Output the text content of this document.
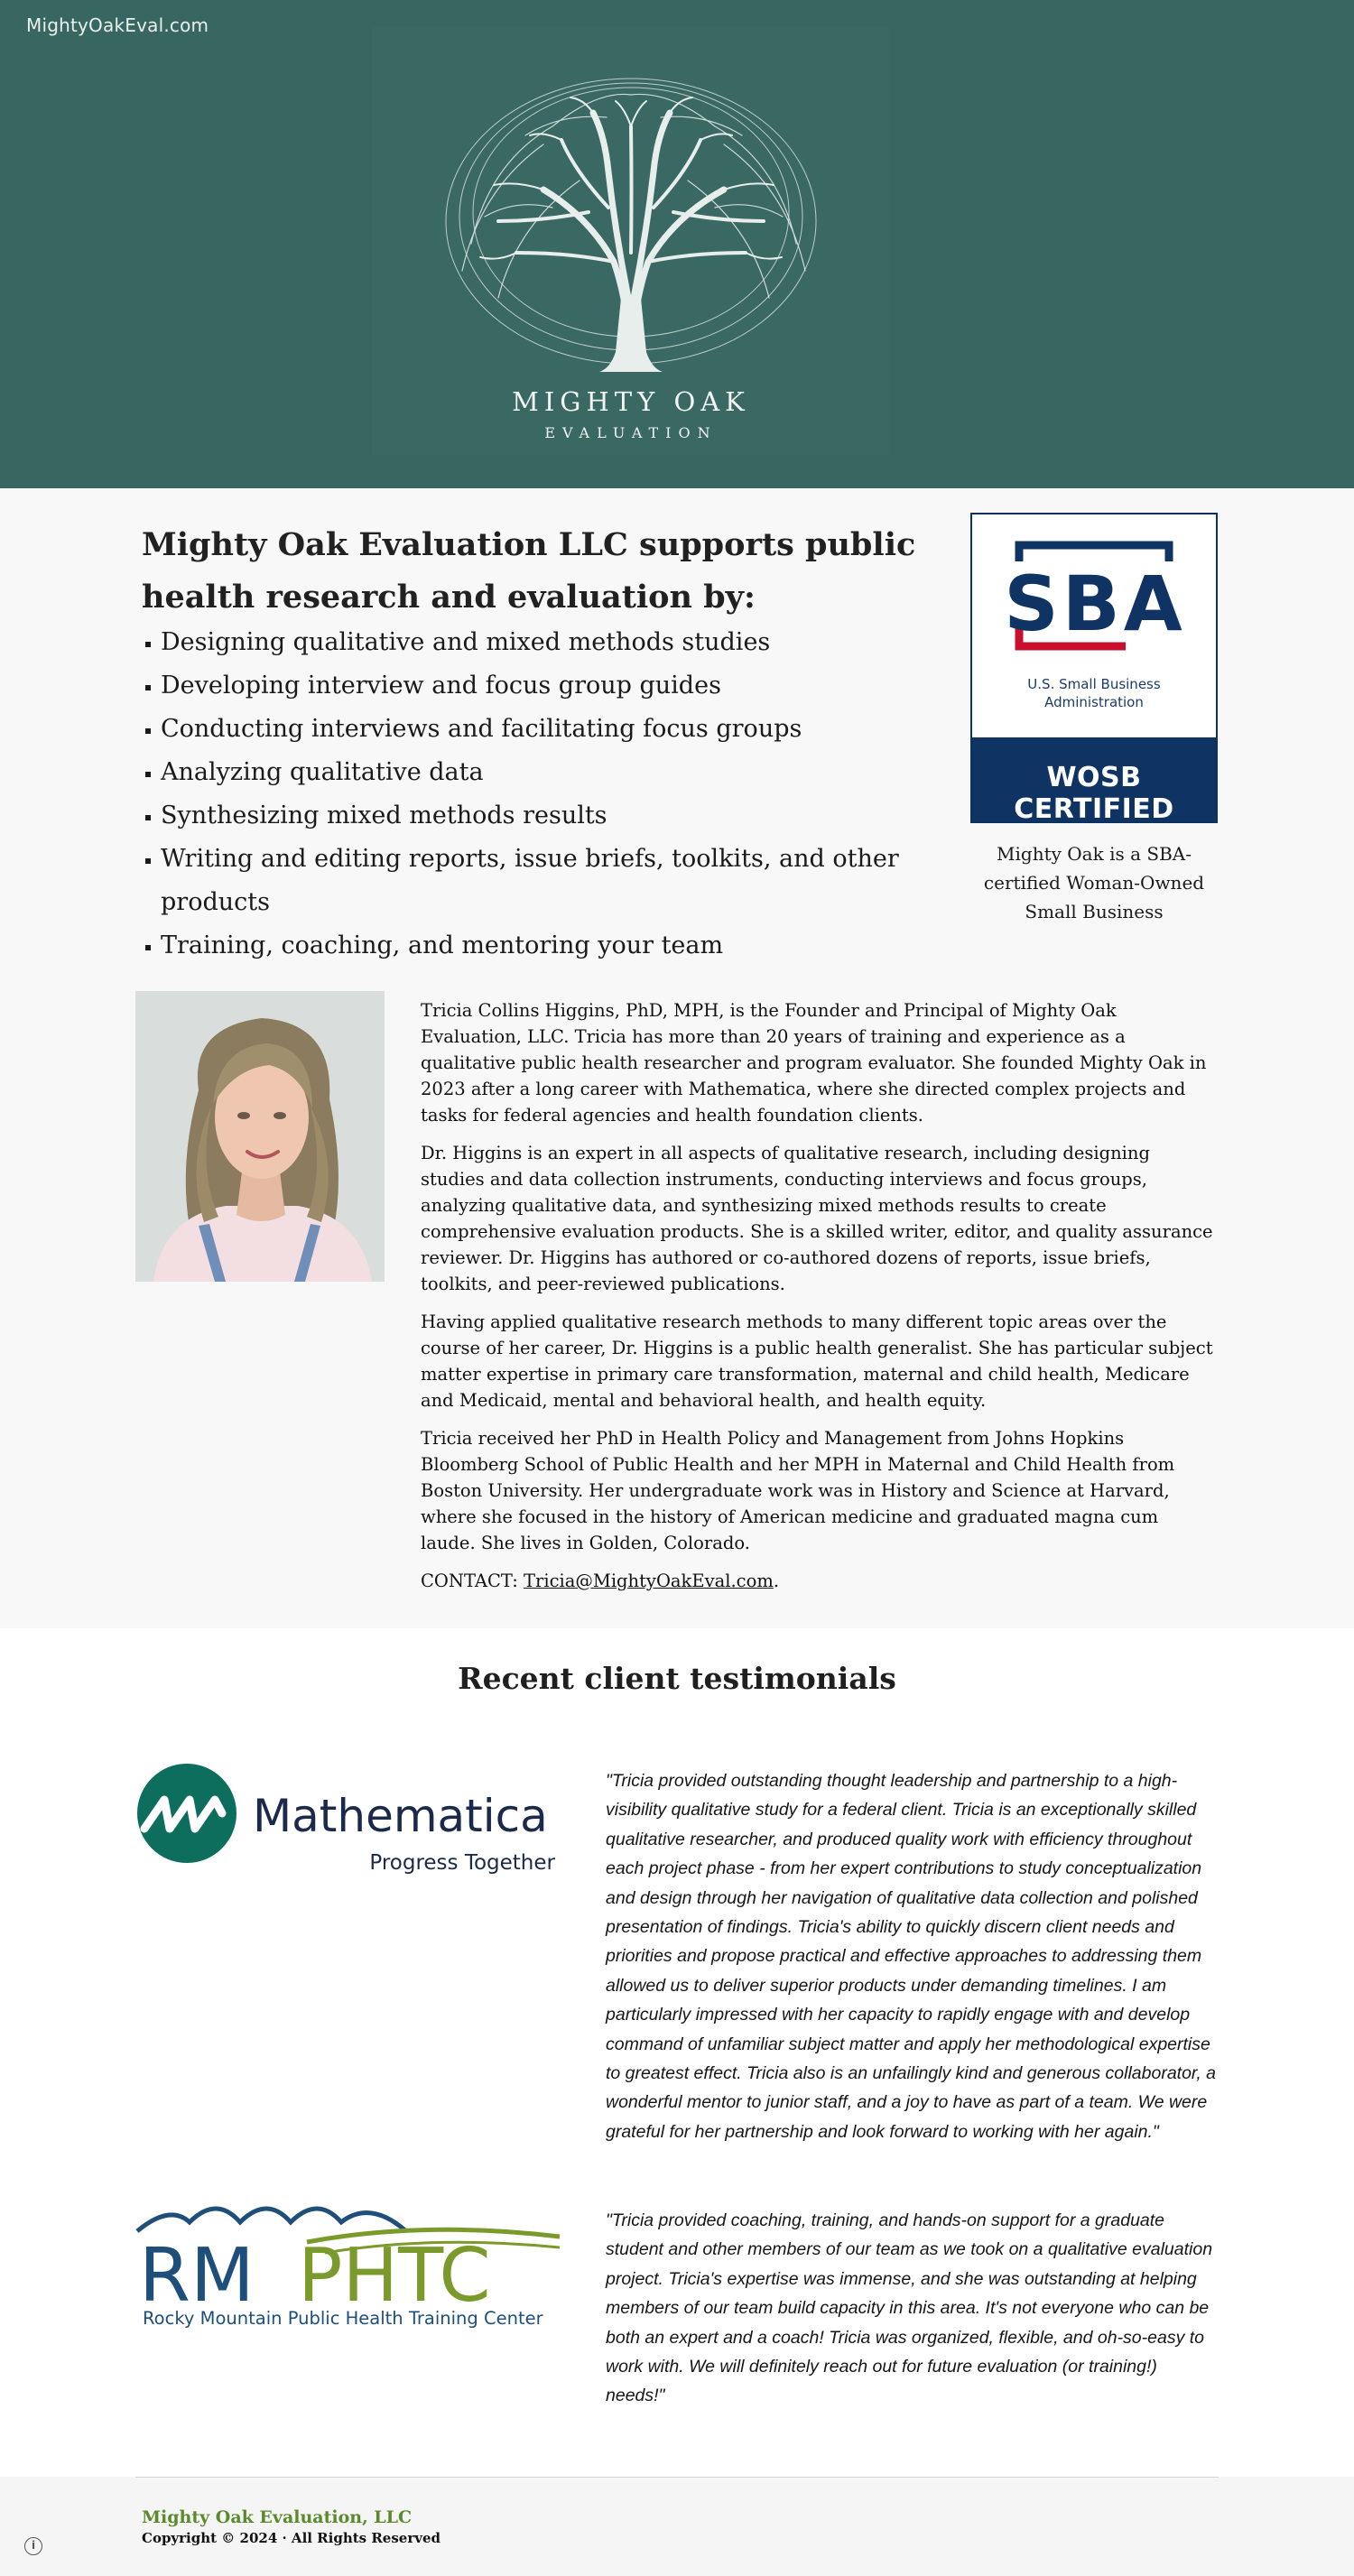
MightyOakEval.com
MIGHTY OAK
EVALUATION
Mighty Oak Evaluation LLC supports public health research and evaluation by:
Designing qualitative and mixed methods studies
Developing interview and focus group guides
Conducting interviews and facilitating focus groups
Analyzing qualitative data
Synthesizing mixed methods results
Writing and editing reports, issue briefs, toolkits, and other products
Training, coaching, and mentoring your team
SBA
U.S. Small Business
Administration
WOSB CERTIFIED

Mighty Oak is a SBA-certified Woman-Owned Small Business

Tricia Collins Higgins, PhD, MPH, is the Founder and Principal of Mighty Oak Evaluation, LLC. Tricia has more than 20 years of training and experience as a qualitative public health researcher and program evaluator. She founded Mighty Oak in 2023 after a long career with Mathematica, where she directed complex projects and tasks for federal agencies and health foundation clients.

Dr. Higgins is an expert in all aspects of qualitative research, including designing studies and data collection instruments, conducting interviews and focus groups, analyzing qualitative data, and synthesizing mixed methods results to create comprehensive evaluation products. She is a skilled writer, editor, and quality assurance reviewer. Dr. Higgins has authored or co-authored dozens of reports, issue briefs, toolkits, and peer-reviewed publications.

Having applied qualitative research methods to many different topic areas over the course of her career, Dr. Higgins is a public health generalist. She has particular subject matter expertise in primary care transformation, maternal and child health, Medicare and Medicaid, mental and behavioral health, and health equity.

Tricia received her PhD in Health Policy and Management from Johns Hopkins Bloomberg School of Public Health and her MPH in Maternal and Child Health from Boston University. Her undergraduate work was in History and Science at Harvard, where she focused in the history of American medicine and graduated magna cum laude. She lives in Golden, Colorado.

CONTACT: Tricia@MightyOakEval.com.

Recent client testimonials
Mathematica
Progress Together

"Tricia provided outstanding thought leadership and partnership to a high-visibility qualitative study for a federal client. Tricia is an exceptionally skilled qualitative researcher, and produced quality work with efficiency throughout each project phase - from her expert contributions to study conceptualization and design through her navigation of qualitative data collection and polished presentation of findings. Tricia's ability to quickly discern client needs and priorities and propose practical and effective approaches to addressing them allowed us to deliver superior products under demanding timelines. I am particularly impressed with her capacity to rapidly engage with and develop command of unfamiliar subject matter and apply her methodological expertise to greatest effect. Tricia also is an unfailingly kind and generous collaborator, a wonderful mentor to junior staff, and a joy to have as part of a team. We were grateful for her partnership and look forward to working with her again."

RM PHTC
Rocky Mountain Public Health Training Center

"Tricia provided coaching, training, and hands-on support for a graduate student and other members of our team as we took on a qualitative evaluation project. Tricia's expertise was immense, and she was outstanding at helping members of our team build capacity in this area. It's not everyone who can be both an expert and a coach! Tricia was organized, flexible, and oh-so-easy to work with. We will definitely reach out for future evaluation (or training!) needs!"

Mighty Oak Evaluation, LLC
Copyright © 2024 · All Rights Reserved
i
